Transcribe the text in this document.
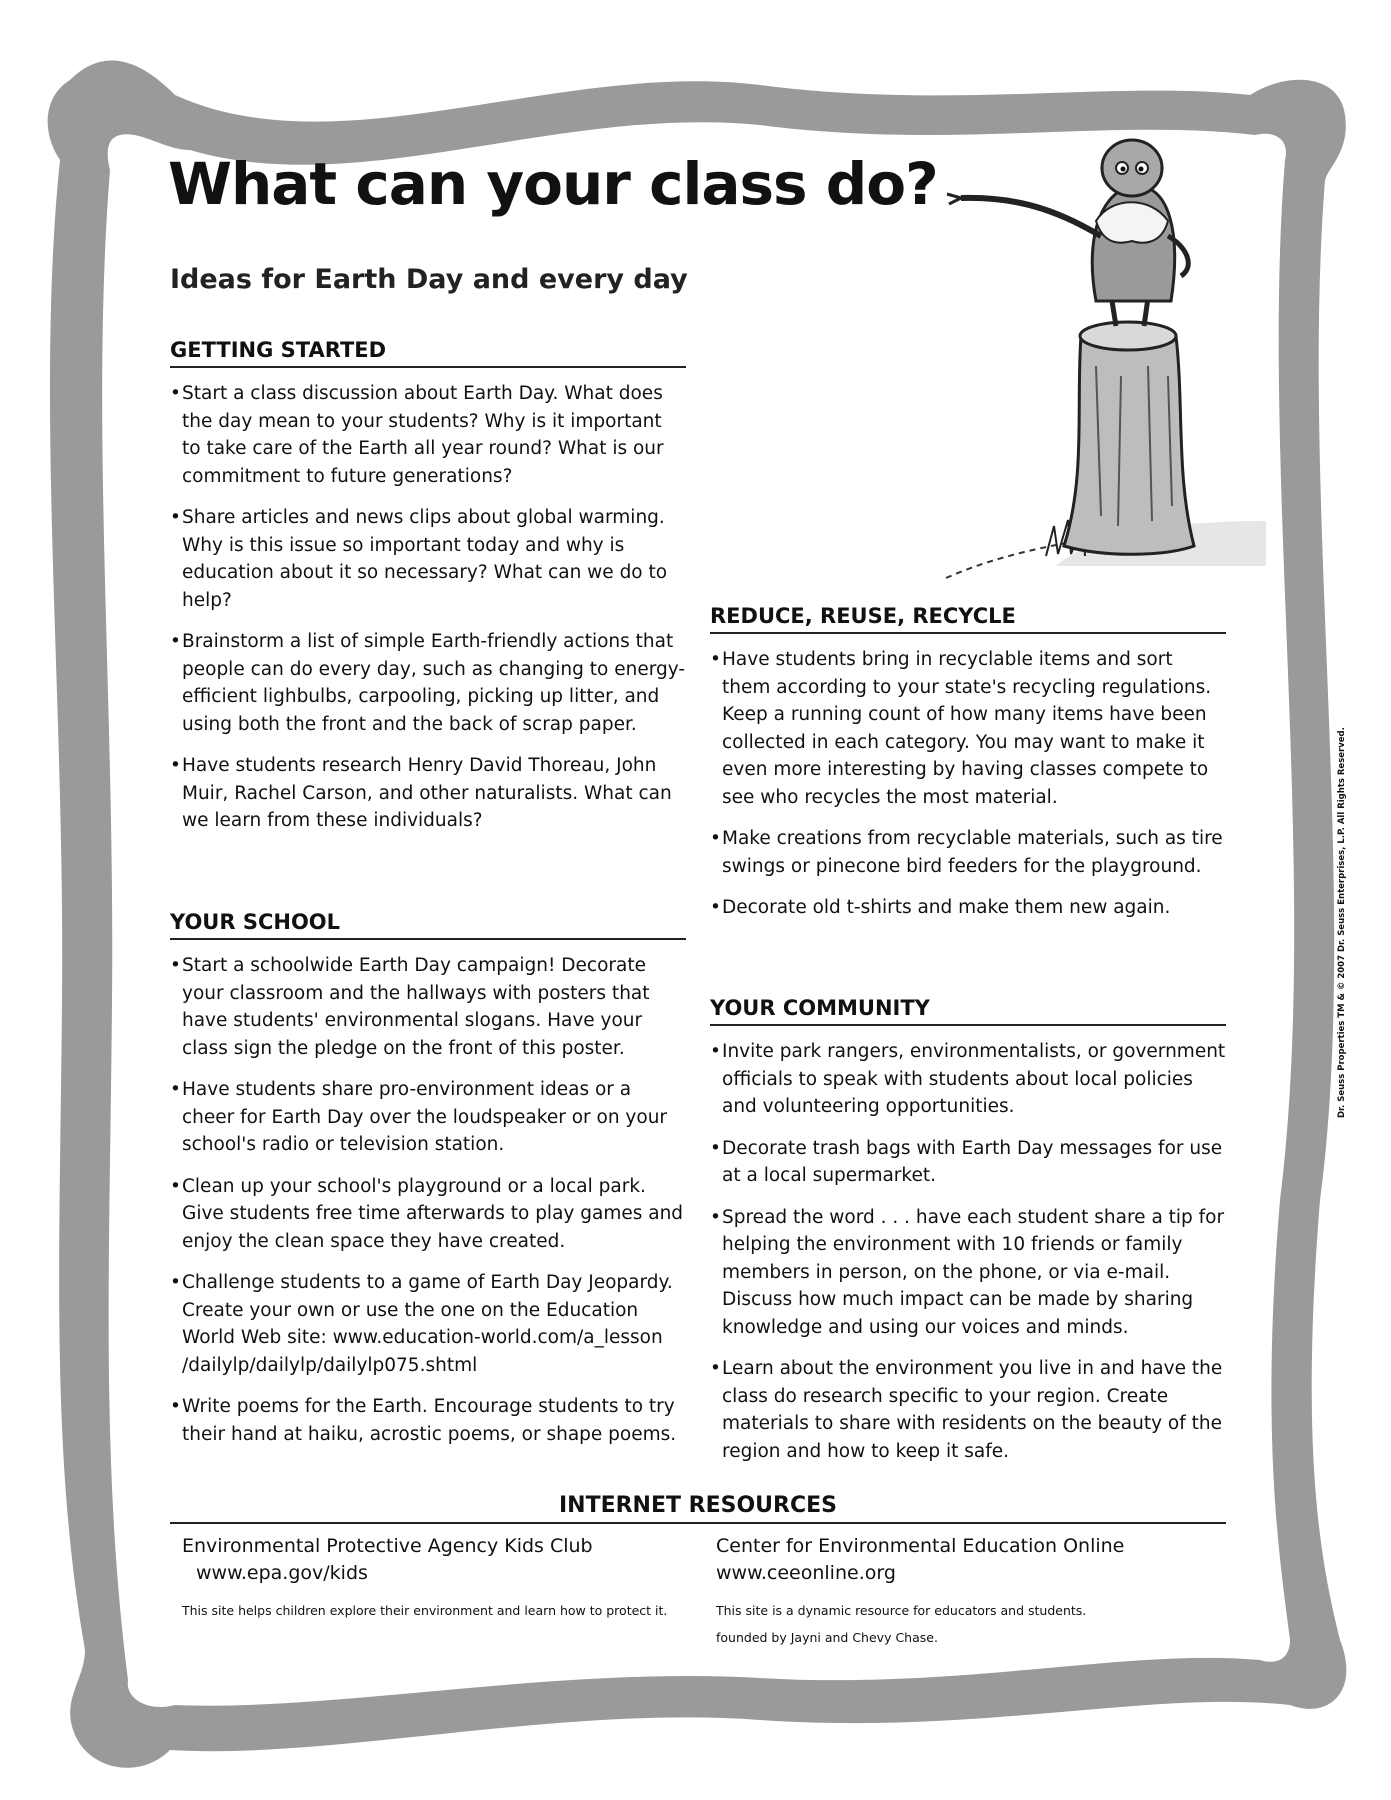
What can your class do?
Ideas for Earth Day and every day
GETTING STARTED
• Start a class discussion about Earth Day. What does the day mean to your students? Why is it important to take care of the Earth all year round? What is our commitment to future generations?
• Share articles and news clips about global warming. Why is this issue so important today and why is education about it so necessary? What can we do to help?
• Brainstorm a list of simple Earth-friendly actions that people can do every day, such as changing to energy-efficient lighbulbs, carpooling, picking up litter, and using both the front and the back of scrap paper.
• Have students research Henry David Thoreau, John Muir, Rachel Carson, and other naturalists. What can we learn from these individuals?
YOUR SCHOOL
• Start a schoolwide Earth Day campaign! Decorate your classroom and the hallways with posters that have students' environmental slogans. Have your class sign the pledge on the front of this poster.
• Have students share pro-environment ideas or a cheer for Earth Day over the loudspeaker or on your school's radio or television station.
• Clean up your school's playground or a local park. Give students free time afterwards to play games and enjoy the clean space they have created.
• Challenge students to a game of Earth Day Jeopardy. Create your own or use the one on the Education World Web site: www.education-world.com/a_lesson /dailylp/dailylp/dailylp075.shtml
• Write poems for the Earth. Encourage students to try their hand at haiku, acrostic poems, or shape poems.
REDUCE, REUSE, RECYCLE
• Have students bring in recyclable items and sort them according to your state's recycling regulations. Keep a running count of how many items have been collected in each category. You may want to make it even more interesting by having classes compete to see who recycles the most material.
• Make creations from recyclable materials, such as tire swings or pinecone bird feeders for the playground.
• Decorate old t-shirts and make them new again.
YOUR COMMUNITY
• Invite park rangers, environmentalists, or government officials to speak with students about local policies and volunteering opportunities.
• Decorate trash bags with Earth Day messages for use at a local supermarket.
• Spread the word . . . have each student share a tip for helping the environment with 10 friends or family members in person, on the phone, or via e-mail. Discuss how much impact can be made by sharing knowledge and using our voices and minds.
• Learn about the environment you live in and have the class do research specific to your region. Create materials to share with residents on the beauty of the region and how to keep it safe.
INTERNET RESOURCES
Environmental Protective Agency Kids Club
www.epa.gov/kids
This site helps children explore their environment and learn how to protect it.
Center for Environmental Education Online
www.ceeonline.org
This site is a dynamic resource for educators and students. founded by Jayni and Chevy Chase.
Dr. Seuss Properties TM & © 2007 Dr. Seuss Enterprises, L.P. All Rights Reserved.
